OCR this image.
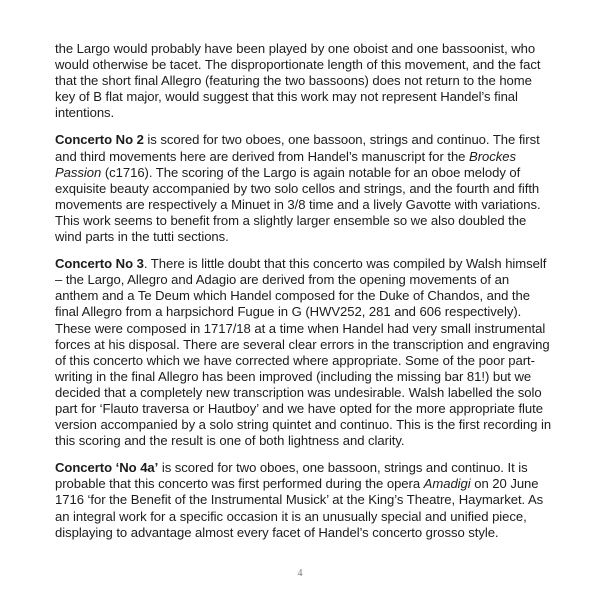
the Largo would probably have been played by one oboist and one bassoonist, who would otherwise be tacet. The disproportionate length of this movement, and the fact that the short final Allegro (featuring the two bassoons) does not return to the home key of B flat major, would suggest that this work may not represent Handel’s final intentions.

Concerto No 2 is scored for two oboes, one bassoon, strings and continuo. The first and third movements here are derived from Handel’s manuscript for the Brockes Passion (c1716). The scoring of the Largo is again notable for an oboe melody of exquisite beauty accompanied by two solo cellos and strings, and the fourth and fifth movements are respectively a Minuet in 3/8 time and a lively Gavotte with variations. This work seems to benefit from a slightly larger ensemble so we also doubled the wind parts in the tutti sections.

Concerto No 3. There is little doubt that this concerto was compiled by Walsh himself – the Largo, Allegro and Adagio are derived from the opening movements of an anthem and a Te Deum which Handel composed for the Duke of Chandos, and the final Allegro from a harpsichord Fugue in G (HWV252, 281 and 606 respectively). These were composed in 1717/18 at a time when Handel had very small instrumental forces at his disposal. There are several clear errors in the transcription and engraving of this concerto which we have corrected where appropriate. Some of the poor part-writing in the final Allegro has been improved (including the missing bar 81!) but we decided that a completely new transcription was undesirable. Walsh labelled the solo part for ‘Flauto traversa or Hautboy’ and we have opted for the more appropriate flute version accompanied by a solo string quintet and continuo. This is the first recording in this scoring and the result is one of both lightness and clarity.

Concerto ‘No 4a’ is scored for two oboes, one bassoon, strings and continuo. It is probable that this concerto was first performed during the opera Amadigi on 20 June 1716 ‘for the Benefit of the Instrumental Musick’ at the King’s Theatre, Haymarket. As an integral work for a specific occasion it is an unusually special and unified piece, displaying to advantage almost every facet of Handel’s concerto grosso style.

4
